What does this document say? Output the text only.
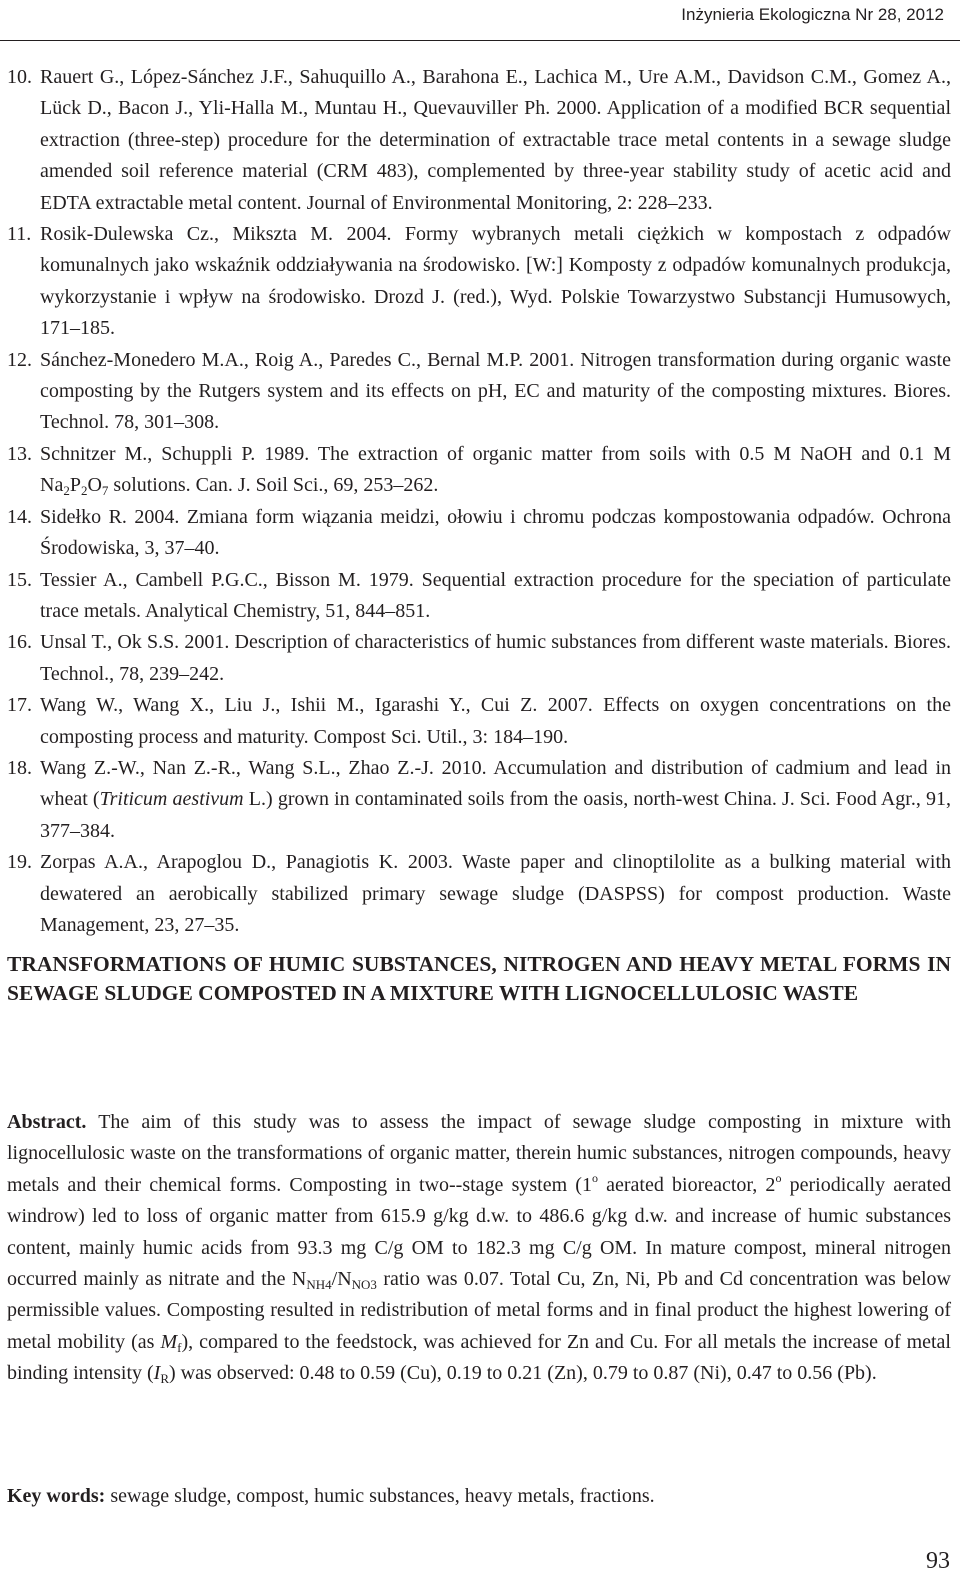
Inżynieria Ekologiczna Nr 28, 2012
10. Rauert G., López-Sánchez J.F., Sahuquillo A., Barahona E., Lachica M., Ure A.M., Davidson C.M., Gomez A., Lück D., Bacon J., Yli-Halla M., Muntau H., Quevauviller Ph. 2000. Application of a modified BCR sequential extraction (three-step) procedure for the determination of extractable trace metal contents in a sewage sludge amended soil reference material (CRM 483), complemented by three-year stability study of acetic acid and EDTA extractable metal content. Journal of Environmental Monitoring, 2: 228–233.
11. Rosik-Dulewska Cz., Mikszta M. 2004. Formy wybranych metali ciężkich w kompostach z odpadów komunalnych jako wskaźnik oddziaływania na środowisko. [W:] Komposty z odpadów komunalnych produkcja, wykorzystanie i wpływ na środowisko. Drozd J. (red.), Wyd. Polskie Towarzystwo Substancji Humusowych, 171–185.
12. Sánchez-Monedero M.A., Roig A., Paredes C., Bernal M.P. 2001. Nitrogen transformation during organic waste composting by the Rutgers system and its effects on pH, EC and maturity of the composting mixtures. Biores. Technol. 78, 301–308.
13. Schnitzer M., Schuppli P. 1989. The extraction of organic matter from soils with 0.5 M NaOH and 0.1 M $Na_2P_2O_7$ solutions. Can. J. Soil Sci., 69, 253–262.
14. Sidełko R. 2004. Zmiana form wiązania meidzi, ołowiu i chromu podczas kompostowania odpadów. Ochrona Środowiska, 3, 37–40.
15. Tessier A., Cambell P.G.C., Bisson M. 1979. Sequential extraction procedure for the speciation of particulate trace metals. Analytical Chemistry, 51, 844–851.
16. Unsal T., Ok S.S. 2001. Description of characteristics of humic substances from different waste materials. Biores. Technol., 78, 239–242.
17. Wang W., Wang X., Liu J., Ishii M., Igarashi Y., Cui Z. 2007. Effects on oxygen concentrations on the composting process and maturity. Compost Sci. Util., 3: 184–190.
18. Wang Z.-W., Nan Z.-R., Wang S.L., Zhao Z.-J. 2010. Accumulation and distribution of cadmium and lead in wheat (Triticum aestivum L.) grown in contaminated soils from the oasis, north-west China. J. Sci. Food Agr., 91, 377–384.
19. Zorpas A.A., Arapoglou D., Panagiotis K. 2003. Waste paper and clinoptilolite as a bulking material with dewatered an aerobically stabilized primary sewage sludge (DASPSS) for compost production. Waste Management, 23, 27–35.
TRANSFORMATIONS OF HUMIC SUBSTANCES, NITROGEN AND HEAVY METAL FORMS IN SEWAGE SLUDGE COMPOSTED IN A MIXTURE WITH LIGNOCELLULOSIC WASTE

Abstract. The aim of this study was to assess the impact of sewage sludge composting in mixture with lignocellulosic waste on the transformations of organic matter, therein humic substances, nitrogen compounds, heavy metals and their chemical forms. Composting in two--stage system (1$^o$ aerated bioreactor, 2$^o$ periodically aerated windrow) led to loss of organic matter from 615.9 g/kg d.w. to 486.6 g/kg d.w. and increase of humic substances content, mainly humic acids from 93.3 mg C/g OM to 182.3 mg C/g OM. In mature compost, mineral nitrogen occurred mainly as nitrate and the $N_{NH4}/N_{NO3}$ ratio was 0.07. Total Cu, Zn, Ni, Pb and Cd concentration was below permissible values. Composting resulted in redistribution of metal forms and in final product the highest lowering of metal mobility (as $M_f$), compared to the feedstock, was achieved for Zn and Cu. For all metals the increase of metal binding intensity $(I_R)$ was observed: 0.48 to 0.59 (Cu), 0.19 to 0.21 (Zn), 0.79 to 0.87 (Ni), 0.47 to 0.56 (Pb).

Key words: sewage sludge, compost, humic substances, heavy metals, fractions.

93
